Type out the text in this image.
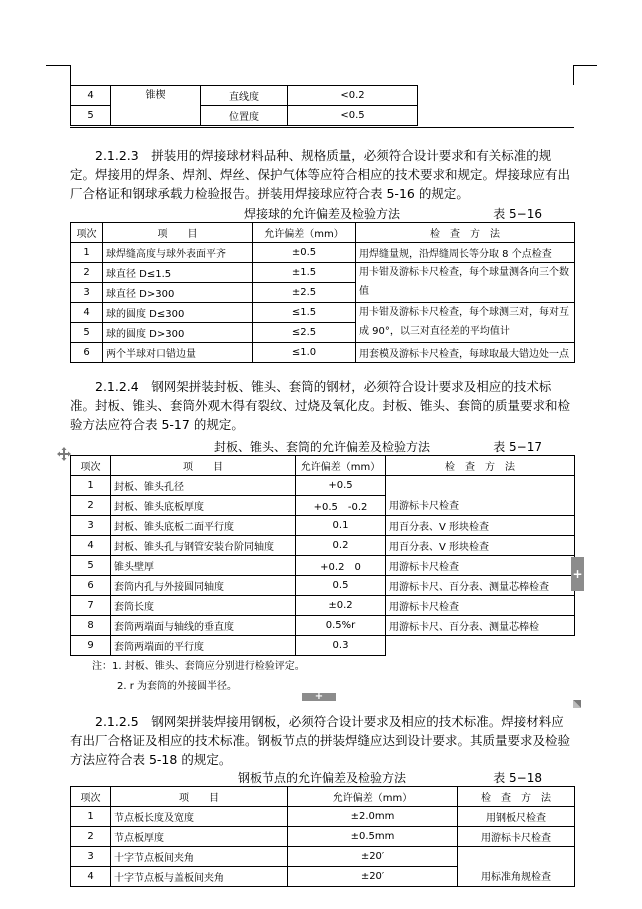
4	锥楔	直线度	<0.2
5		位置度	<0.5

2.1.2.3　拼装用的焊接球材料品种、规格质量，必须符合设计要求和有关标准的规定。焊接用的焊条、焊剂、焊丝、保护气体等应符合相应的技术要求和规定。焊接球应有出厂合格证和钢球承载力检验报告。拼装用焊接球应符合表 5-16 的规定。

焊接球的允许偏差及检验方法	表 5−16
项次	项　　目	允许偏差（mm）	检　查　方　法
1	球焊缝高度与球外表面平齐	±0.5	用焊缝量规，沿焊缝周长等分取 8 个点检查
2	球直径 D≤1.5	±1.5	用卡钳及游标卡尺检查，每个球量测各向三个数值
3	球直径 D>300	±2.5	
4	球的圆度 D≤300	≤1.5	用卡钳及游标卡尺检查，每个球测三对，每对互成 90°，以三对直径差的平均值计
5	球的圆度 D>300	≤2.5	
6	两个半球对口错边量	≤1.0	用套模及游标卡尺检查，每球取最大错边处一点

2.1.2.4　钢网架拼装封板、锥头、套筒的钢材，必须符合设计要求及相应的技术标准。封板、锥头、套筒外观木得有裂纹、过烧及氧化皮。封板、锥头、套筒的质量要求和检验方法应符合表 5-17 的规定。

封板、锥头、套筒的允许偏差及检验方法	表 5−17
项次	项　　目	允许偏差（mm）	检　查　方　法
1	封板、锥头孔径	+0.5	用游标卡尺检查
2	封板、锥头底板厚度	+0.5　-0.2	
3	封板、锥头底板二面平行度	0.1	用百分表、V 形块检查
4	封板、锥头孔与钢管安装台阶同轴度	0.2	用百分表、V 形块检查
5	锥头壁厚	+0.2　0	用游标卡尺检查
6	套筒内孔与外接圆同轴度	0.5	用游标卡尺、百分表、测量芯棒检查
7	套筒长度	±0.2	用游标卡尺检查
8	套筒两端面与轴线的垂直度	0.5%r	用游标卡尺、百分表、测量芯棒检
9	套筒两端面的平行度	0.3	
注：1. 封板、锥头、套筒应分别进行检验评定。
2. r 为套筒的外接圆半径。
+
+

2.1.2.5　钢网架拼装焊接用钢板，必须符合设计要求及相应的技术标准。焊接材料应有出厂合格证及相应的技术标准。钢板节点的拼装焊缝应达到设计要求。其质量要求及检验方法应符合表 5-18 的规定。

钢板节点的允许偏差及检验方法	表 5−18
项次	项　　目	允许偏差（mm）	检　查　方　法
1	节点板长度及宽度	±2.0mm	用钢板尺检查
2	节点板厚度	±0.5mm	用游标卡尺检查
3	十字节点板间夹角	±20′	用标准角规检查
4	十字节点板与盖板间夹角	±20′	
